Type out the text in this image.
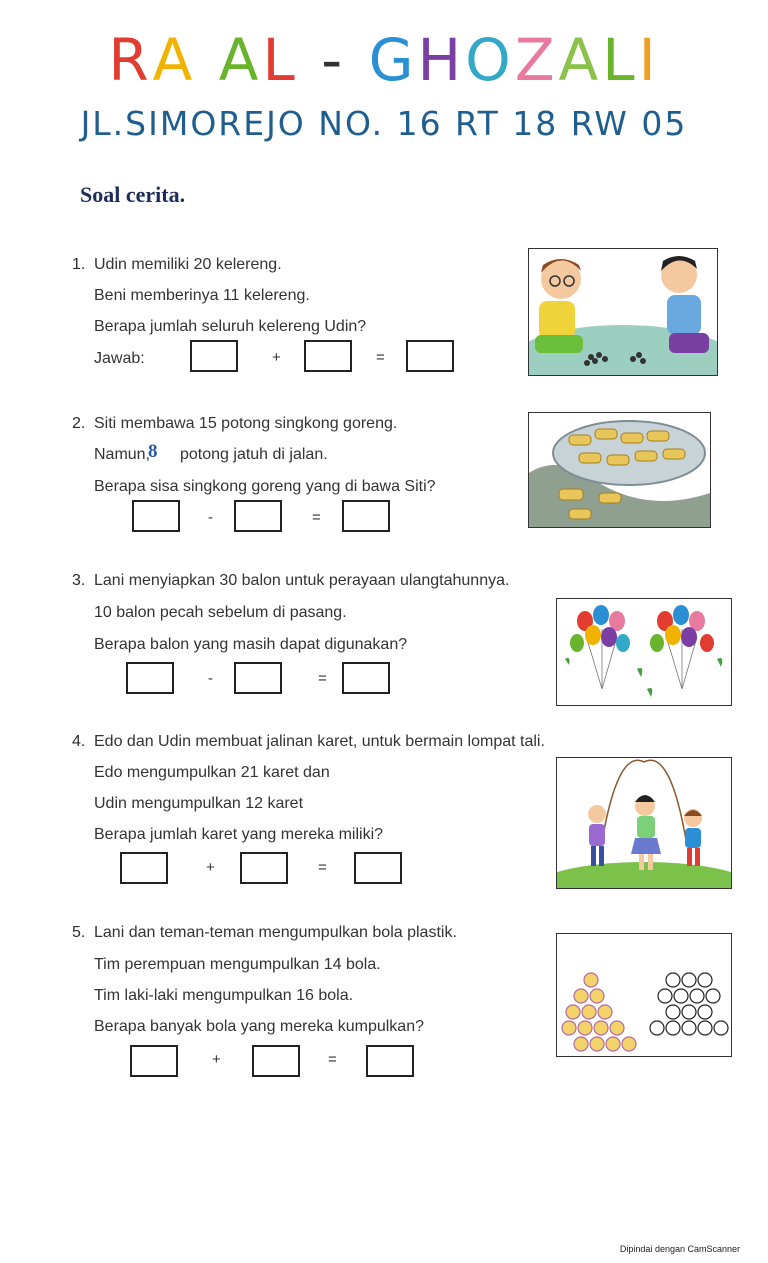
RA AL - GHOZALI
JL.SIMOREJO NO. 16 RT 18 RW 05
Soal cerita.
1. Udin memiliki 20 kelereng.
Beni memberinya 11 kelereng.
Berapa jumlah seluruh kelereng Udin?
Jawab:	+	=
2. Siti membawa 15 potong singkong goreng.
Namun,
8 potong jatuh di jalan.
Berapa sisa singkong goreng yang di bawa Siti?
-	=
3. Lani menyiapkan 30 balon untuk perayaan ulangtahunnya.
10 balon pecah sebelum di pasang.
Berapa balon yang masih dapat digunakan?
-	=
4. Edo dan Udin membuat jalinan karet, untuk bermain lompat tali.
Edo mengumpulkan 21 karet dan
Udin mengumpulkan 12 karet
Berapa jumlah karet yang mereka miliki?
+	=
5. Lani dan teman-teman mengumpulkan bola plastik.
Tim perempuan mengumpulkan 14 bola.
Tim laki-laki mengumpulkan 16 bola.
Berapa banyak bola yang mereka kumpulkan?
+	=
Dipindai dengan CamScanner
